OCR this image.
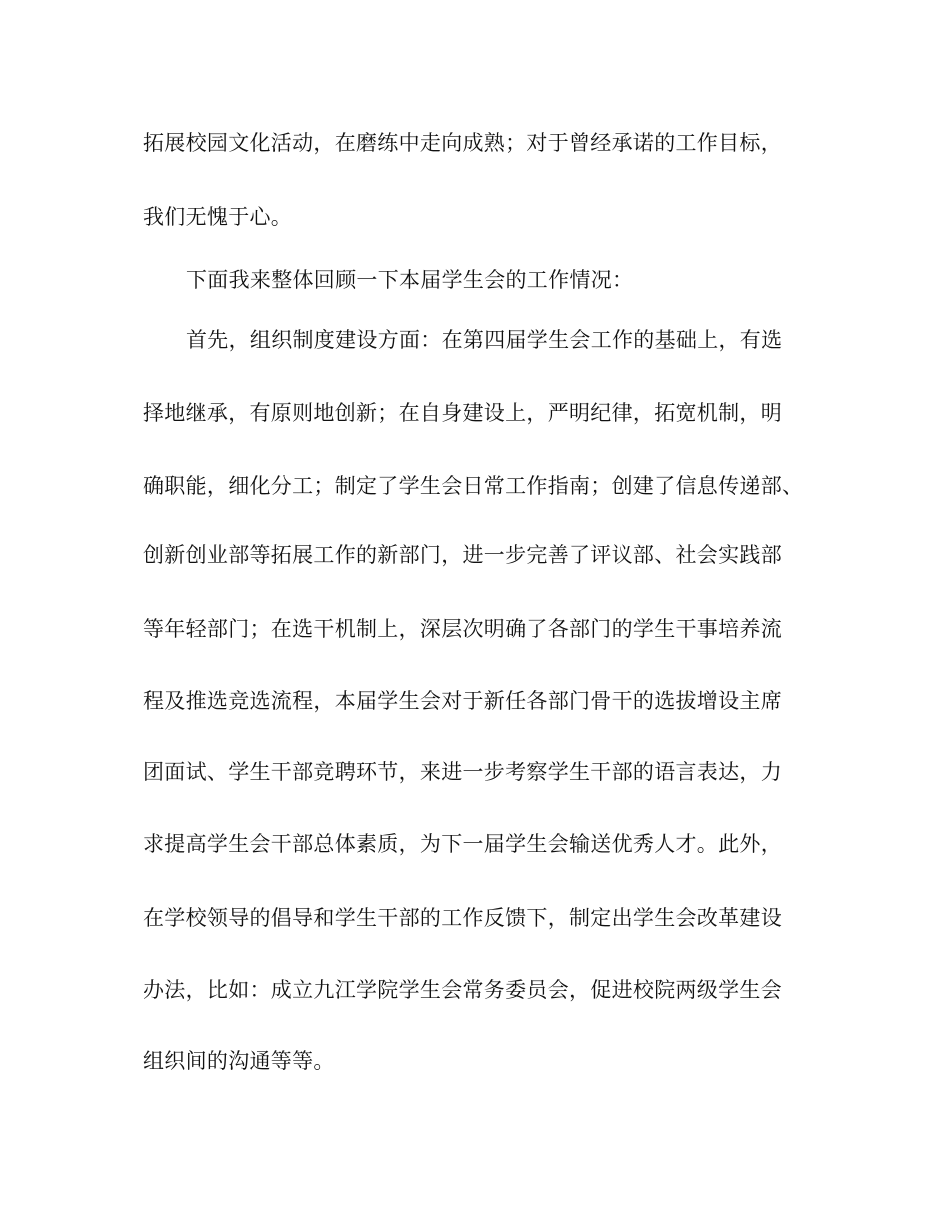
拓展校园文化活动，在磨练中走向成熟；对于曾经承诺的工作目标，
我们无愧于心。
下面我来整体回顾一下本届学生会的工作情况：
首先，组织制度建设方面：在第四届学生会工作的基础上，有选
择地继承，有原则地创新；在自身建设上，严明纪律，拓宽机制，明
确职能，细化分工；制定了学生会日常工作指南；创建了信息传递部、
创新创业部等拓展工作的新部门，进一步完善了评议部、社会实践部
等年轻部门；在选干机制上，深层次明确了各部门的学生干事培养流
程及推选竞选流程，本届学生会对于新任各部门骨干的选拔增设主席
团面试、学生干部竞聘环节，来进一步考察学生干部的语言表达，力
求提高学生会干部总体素质，为下一届学生会输送优秀人才。此外，
在学校领导的倡导和学生干部的工作反馈下，制定出学生会改革建设
办法，比如：成立九江学院学生会常务委员会，促进校院两级学生会
组织间的沟通等等。
